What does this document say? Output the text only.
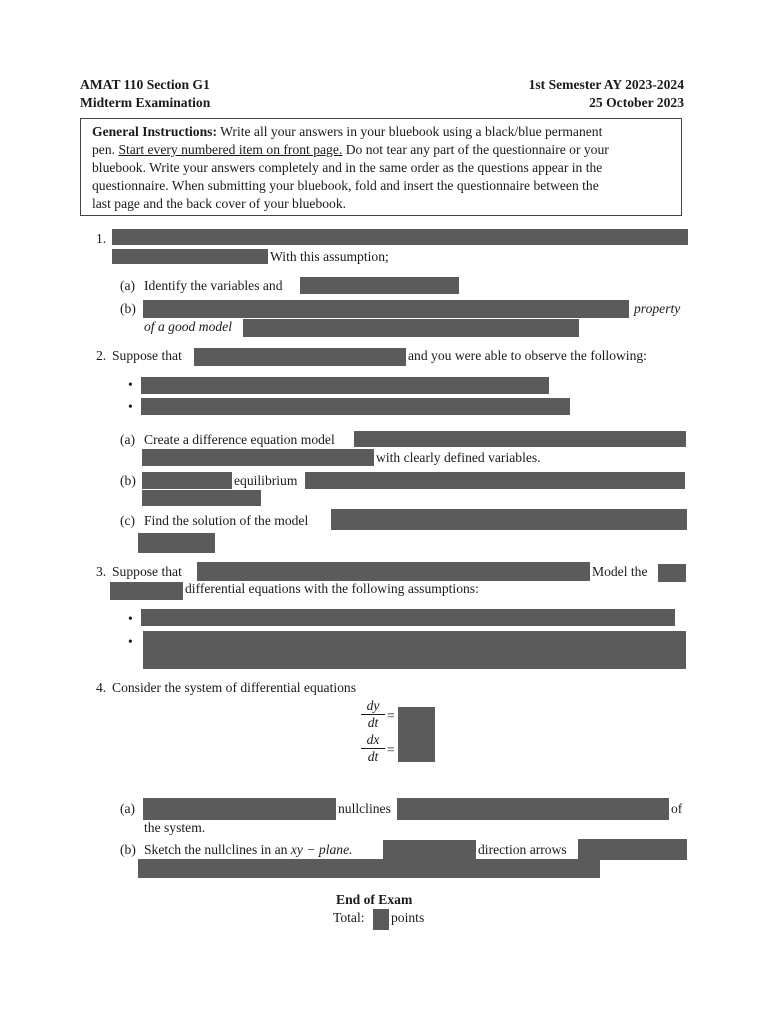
AMAT 110 Section G1
Midterm Examination
1st Semester AY 2023-2024
25 October 2023
General Instructions: Write all your answers in your bluebook using a black/blue permanent
pen. Start every numbered item on front page. Do not tear any part of the questionnaire or your
bluebook. Write your answers completely and in the same order as the questions appear in the
questionnaire. When submitting your bluebook, fold and insert the questionnaire between the
last page and the back cover of your bluebook.
1.
With this assumption;
(a) Identify the variables and
(b)	property
of a good model
2. Suppose that	and you were able to observe the following:
•
•
(a) Create a difference equation model
with clearly defined variables.
(b)	equilibrium
(c) Find the solution of the model
3. Suppose that	Model the
differential equations with the following assumptions:
•
•
4. Consider the system of differential equations
$\frac{dy}{dt}$ =
$\frac{dx}{dt}$ =
(a)	nullclines	of
the system.
(b) Sketch the nullclines in an xy − plane.	direction arrows
End of Exam
Total: points
